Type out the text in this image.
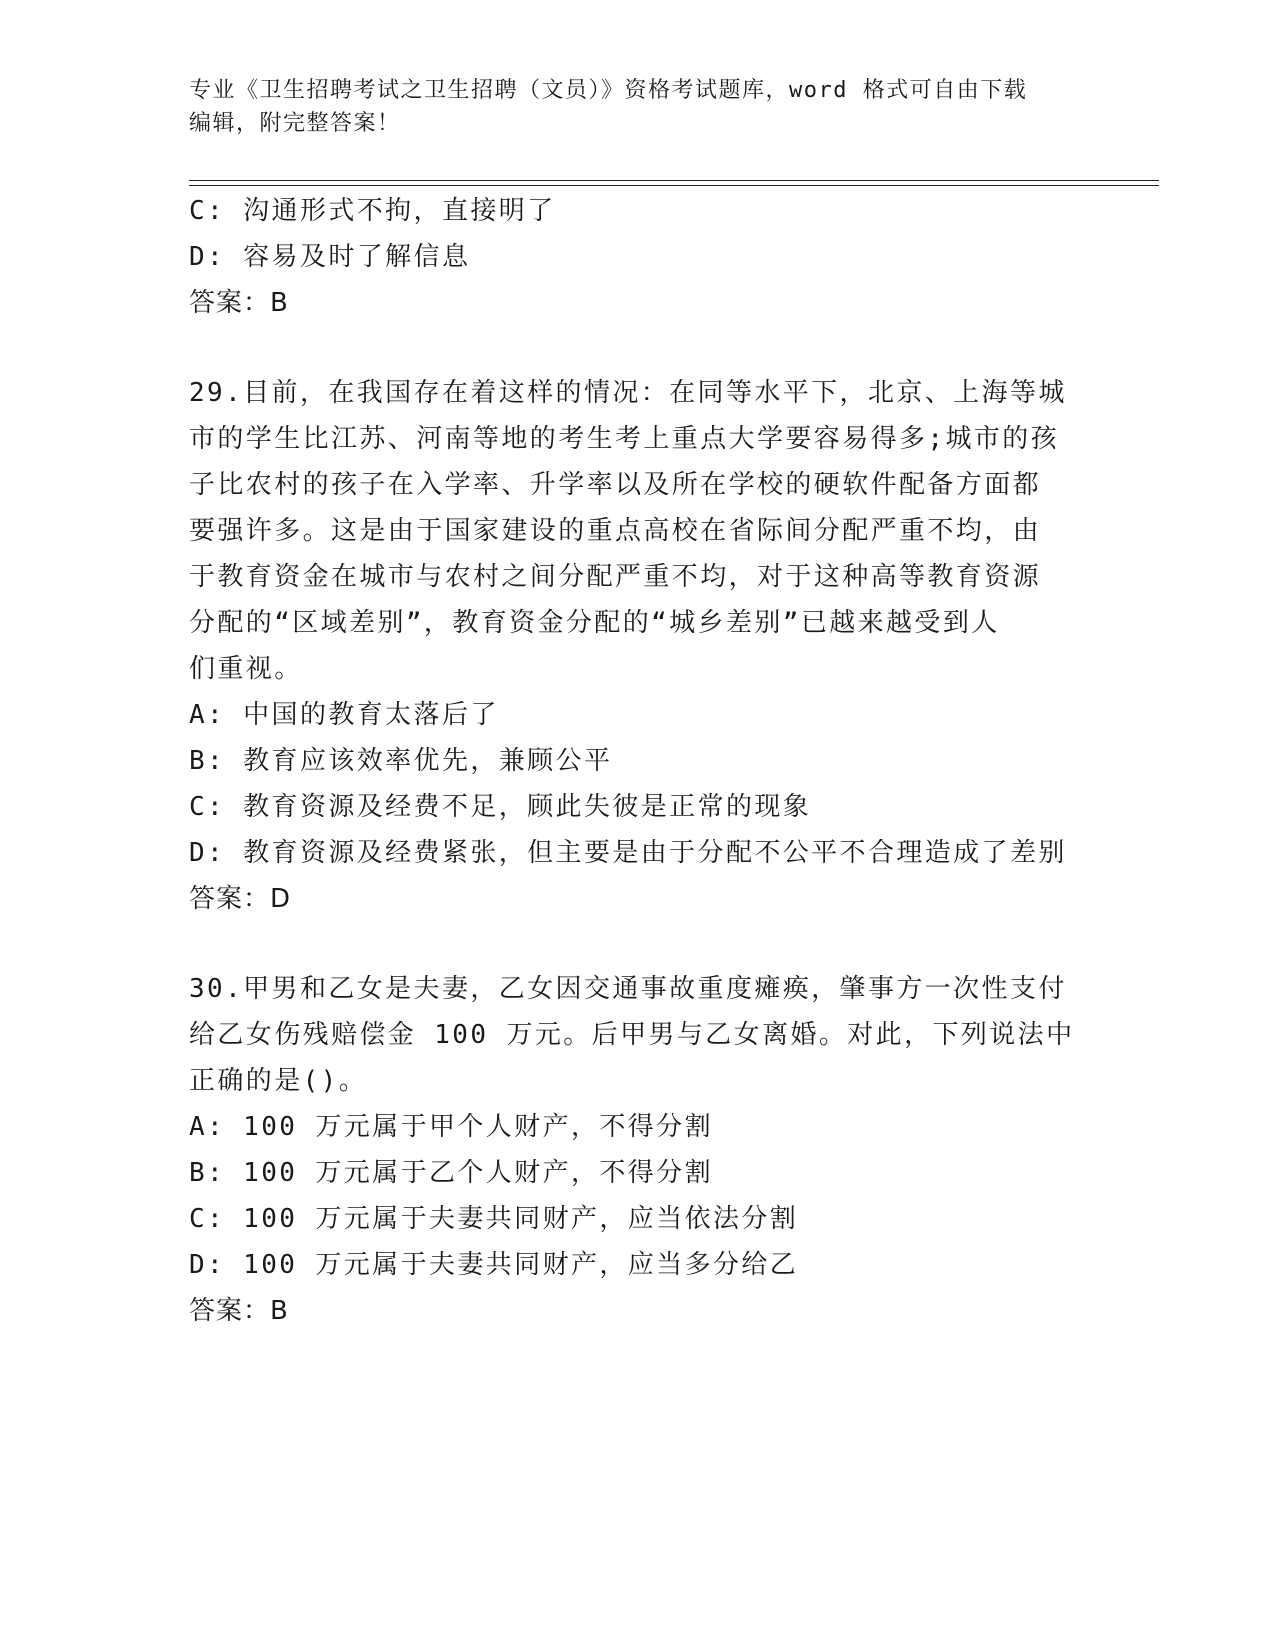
专业《卫生招聘考试之卫生招聘（文员）》资格考试题库，word 格式可自由下载
编辑，附完整答案！
C: 沟通形式不拘，直接明了
D: 容易及时了解信息
答案：B
29.目前，在我国存在着这样的情况：在同等水平下，北京、上海等城
市的学生比江苏、河南等地的考生考上重点大学要容易得多;城市的孩
子比农村的孩子在入学率、升学率以及所在学校的硬软件配备方面都
要强许多。这是由于国家建设的重点高校在省际间分配严重不均，由
于教育资金在城市与农村之间分配严重不均，对于这种高等教育资源
分配的“区域差别”，教育资金分配的“城乡差别”已越来越受到人
们重视。
A: 中国的教育太落后了
B: 教育应该效率优先，兼顾公平
C: 教育资源及经费不足，顾此失彼是正常的现象
D: 教育资源及经费紧张，但主要是由于分配不公平不合理造成了差别
答案：D
30.甲男和乙女是夫妻，乙女因交通事故重度瘫痪，肇事方一次性支付
给乙女伤残赔偿金 100 万元。后甲男与乙女离婚。对此，下列说法中
正确的是()。
A: 100 万元属于甲个人财产，不得分割
B: 100 万元属于乙个人财产，不得分割
C: 100 万元属于夫妻共同财产，应当依法分割
D: 100 万元属于夫妻共同财产，应当多分给乙
答案：B
